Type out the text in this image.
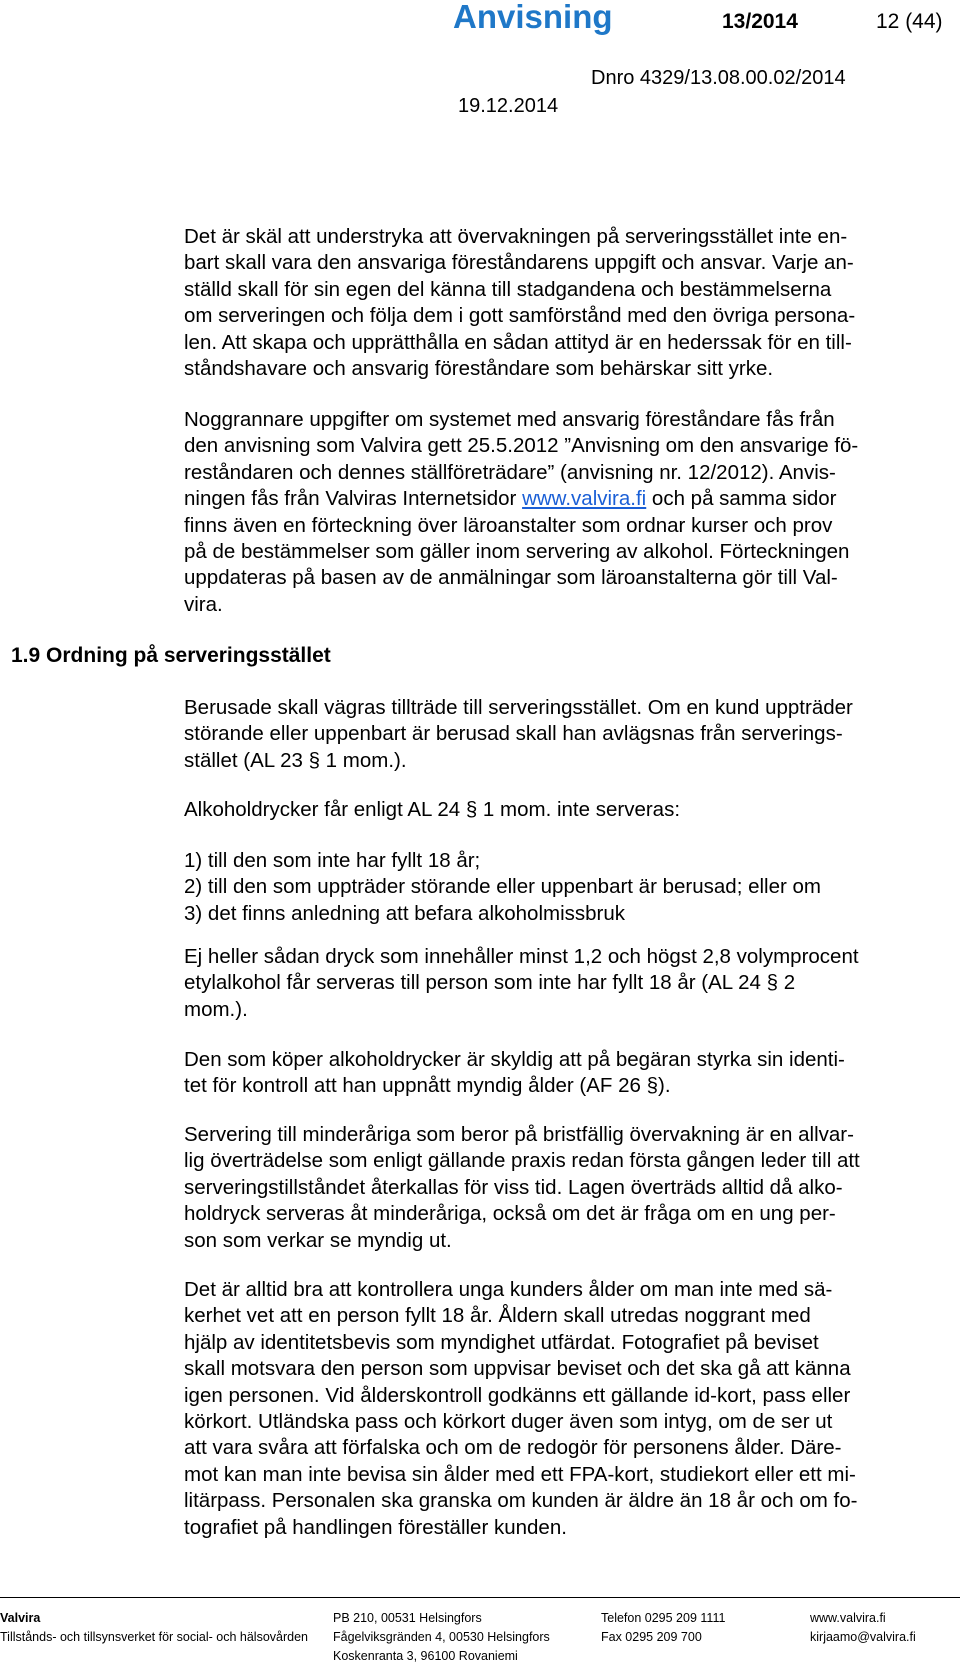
Anvisning	13/2014	12 (44)
Dnro 4329/13.08.00.02/2014
19.12.2014

Det är skäl att understryka att övervakningen på serveringsstället inte en-
bart skall vara den ansvariga föreståndarens uppgift och ansvar. Varje an-
ställd skall för sin egen del känna till stadgandena och bestämmelserna
om serveringen och följa dem i gott samförstånd med den övriga persona-
len. Att skapa och upprätthålla en sådan attityd är en hederssak för en till-
ståndshavare och ansvarig föreståndare som behärskar sitt yrke.

Noggrannare uppgifter om systemet med ansvarig föreståndare fås från
den anvisning som Valvira gett 25.5.2012 ”Anvisning om den ansvarige fö-
reståndaren och dennes ställföreträdare” (anvisning nr. 12/2012). Anvis-
ningen fås från Valviras Internetsidor www.valvira.fi och på samma sidor
finns även en förteckning över läroanstalter som ordnar kurser och prov
på de bestämmelser som gäller inom servering av alkohol. Förteckningen
uppdateras på basen av de anmälningar som läroanstalterna gör till Val-
vira.

1.9 Ordning på serveringsstället

Berusade skall vägras tillträde till serveringsstället. Om en kund uppträder
störande eller uppenbart är berusad skall han avlägsnas från serverings-
stället (AL 23 § 1 mom.).

Alkoholdrycker får enligt AL 24 § 1 mom. inte serveras:

1) till den som inte har fyllt 18 år;
2) till den som uppträder störande eller uppenbart är berusad; eller om
3) det finns anledning att befara alkoholmissbruk

Ej heller sådan dryck som innehåller minst 1,2 och högst 2,8 volymprocent
etylalkohol får serveras till person som inte har fyllt 18 år (AL 24 § 2
mom.).

Den som köper alkoholdrycker är skyldig att på begäran styrka sin identi-
tet för kontroll att han uppnått myndig ålder (AF 26 §).

Servering till minderåriga som beror på bristfällig övervakning är en allvar-
lig överträdelse som enligt gällande praxis redan första gången leder till att
serveringstillståndet återkallas för viss tid. Lagen överträds alltid då alko-
holdryck serveras åt minderåriga, också om det är fråga om en ung per-
son som verkar se myndig ut.

Det är alltid bra att kontrollera unga kunders ålder om man inte med sä-
kerhet vet att en person fyllt 18 år. Åldern skall utredas noggrant med
hjälp av identitetsbevis som myndighet utfärdat. Fotografiet på beviset
skall motsvara den person som uppvisar beviset och det ska gå att känna
igen personen. Vid ålderskontroll godkänns ett gällande id-kort, pass eller
körkort. Utländska pass och körkort duger även som intyg, om de ser ut
att vara svåra att förfalska och om de redogör för personens ålder. Däre-
mot kan man inte bevisa sin ålder med ett FPA-kort, studiekort eller ett mi-
litärpass. Personalen ska granska om kunden är äldre än 18 år och om fo-
tografiet på handlingen föreställer kunden.

Valvira
Tillstånds- och tillsynsverket för social- och hälsovården
PB 210, 00531 Helsingfors
Fågelviksgränden 4, 00530 Helsingfors
Koskenranta 3, 96100 Rovaniemi
Telefon 0295 209 1111
Fax 0295 209 700
www.valvira.fi
kirjaamo@valvira.fi
